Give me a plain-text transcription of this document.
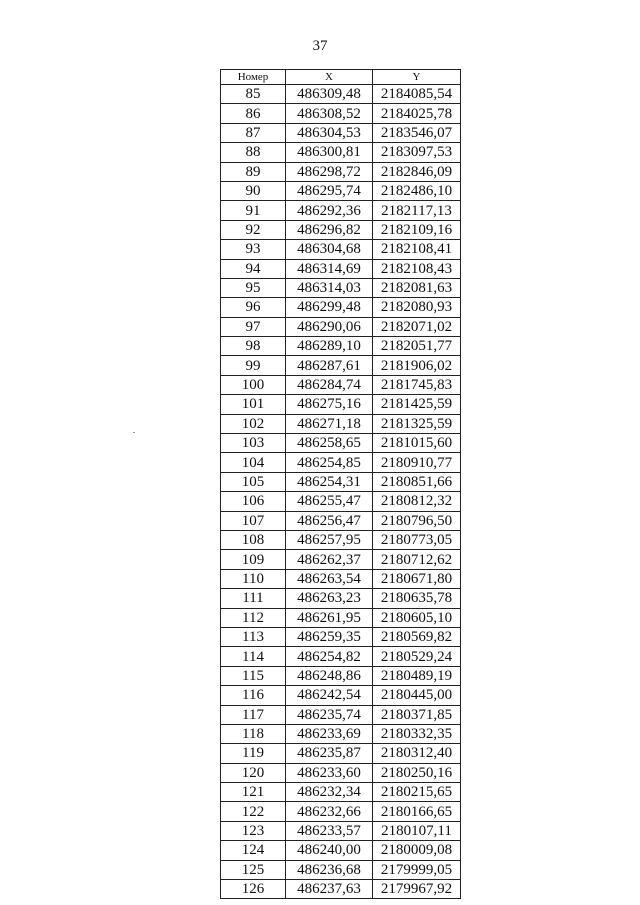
37
Номер	X	Y
85	486309,48	2184085,54
86	486308,52	2184025,78
87	486304,53	2183546,07
88	486300,81	2183097,53
89	486298,72	2182846,09
90	486295,74	2182486,10
91	486292,36	2182117,13
92	486296,82	2182109,16
93	486304,68	2182108,41
94	486314,69	2182108,43
95	486314,03	2182081,63
96	486299,48	2182080,93
97	486290,06	2182071,02
98	486289,10	2182051,77
99	486287,61	2181906,02
100	486284,74	2181745,83
101	486275,16	2181425,59
102	486271,18	2181325,59
103	486258,65	2181015,60
104	486254,85	2180910,77
105	486254,31	2180851,66
106	486255,47	2180812,32
107	486256,47	2180796,50
108	486257,95	2180773,05
109	486262,37	2180712,62
110	486263,54	2180671,80
111	486263,23	2180635,78
112	486261,95	2180605,10
113	486259,35	2180569,82
114	486254,82	2180529,24
115	486248,86	2180489,19
116	486242,54	2180445,00
117	486235,74	2180371,85
118	486233,69	2180332,35
119	486235,87	2180312,40
120	486233,60	2180250,16
121	486232,34	2180215,65
122	486232,66	2180166,65
123	486233,57	2180107,11
124	486240,00	2180009,08
125	486236,68	2179999,05
126	486237,63	2179967,92
